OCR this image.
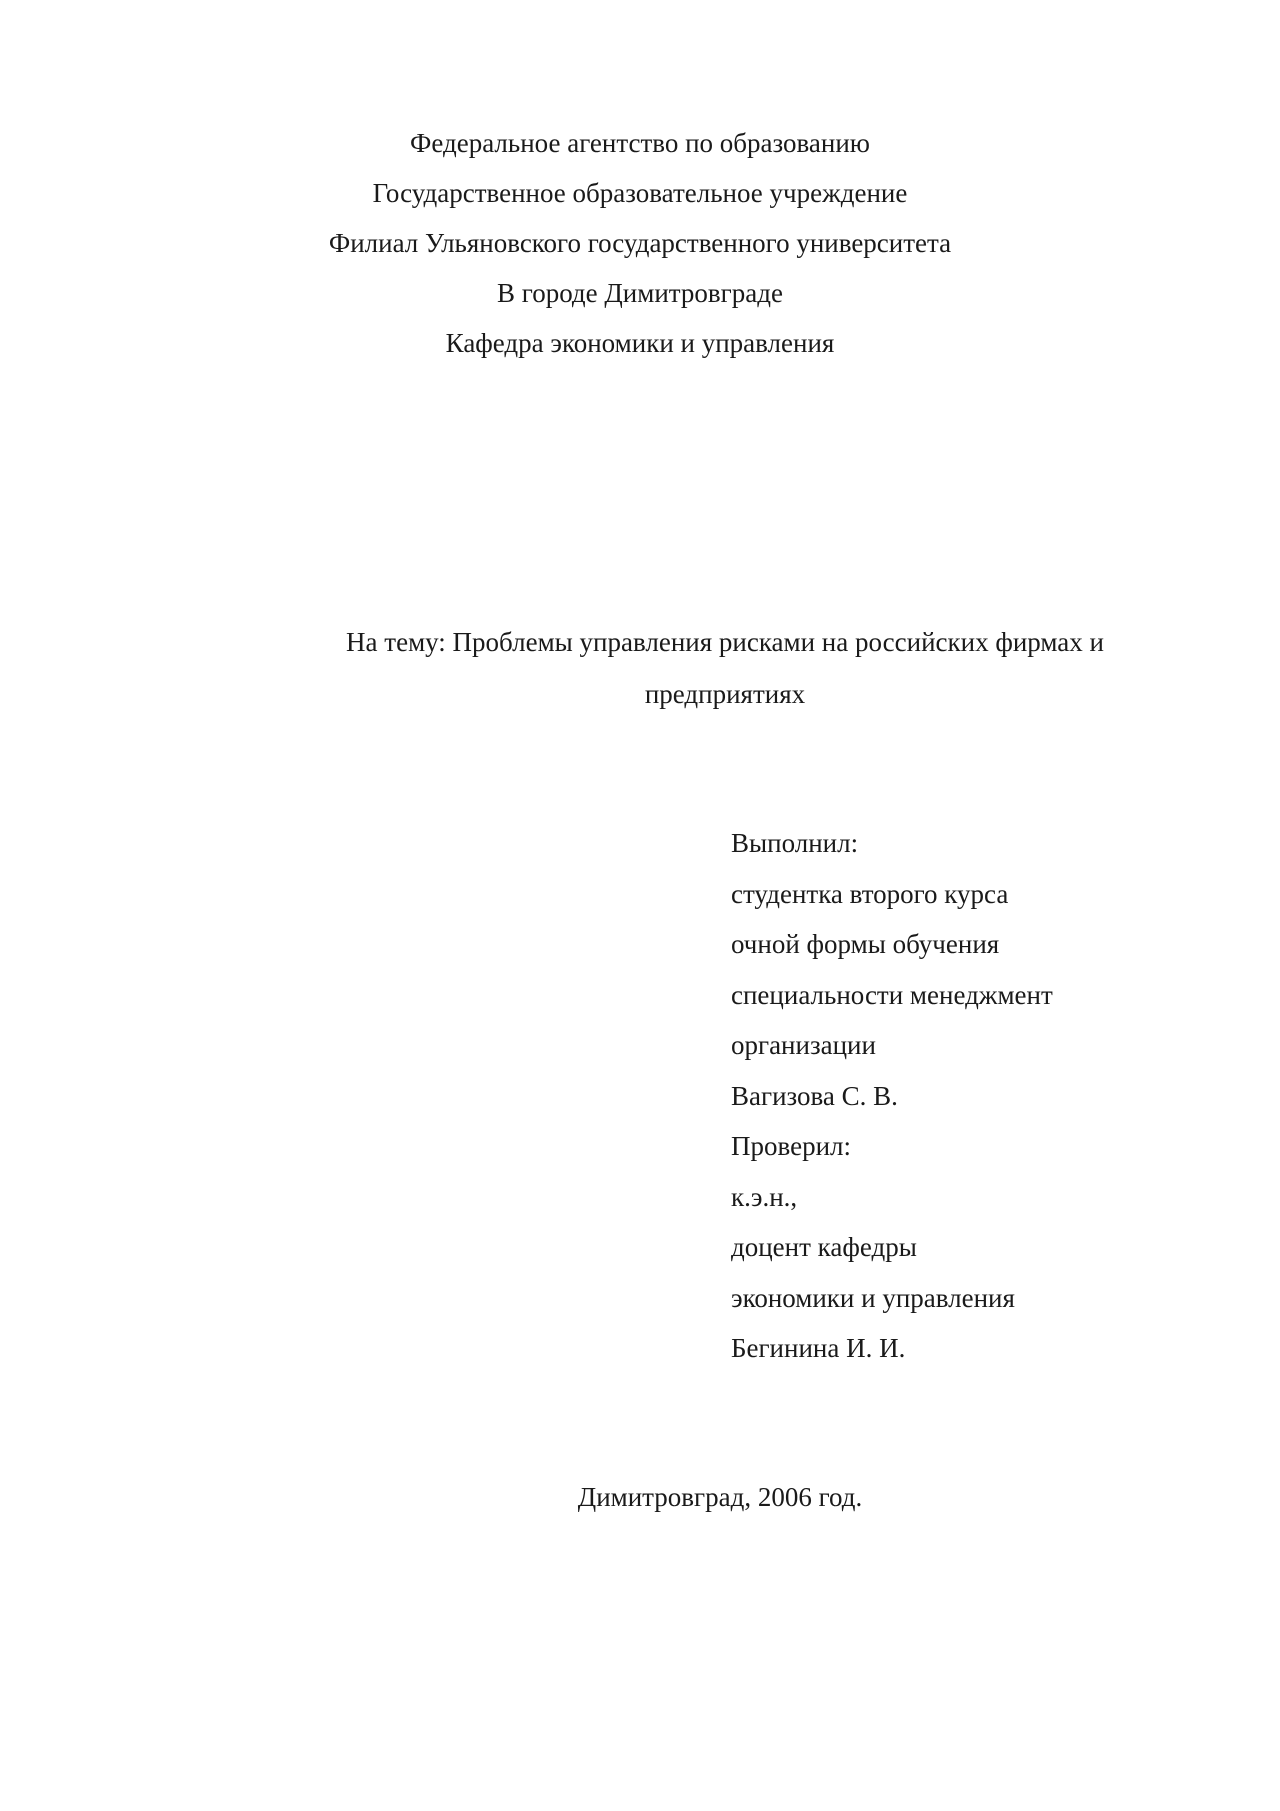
Федеральное агентство по образованию
Государственное образовательное учреждение
Филиал Ульяновского государственного университета
В городе Димитровграде
Кафедра экономики и управления
На тему: Проблемы управления рисками на российских фирмах и предприятиях
Выполнил:
студентка второго курса
очной формы обучения
специальности менеджмент
организации
Вагизова С. В.
Проверил:
к.э.н.,
доцент кафедры
экономики и управления
Бегинина И. И.
Димитровград, 2006 год.
